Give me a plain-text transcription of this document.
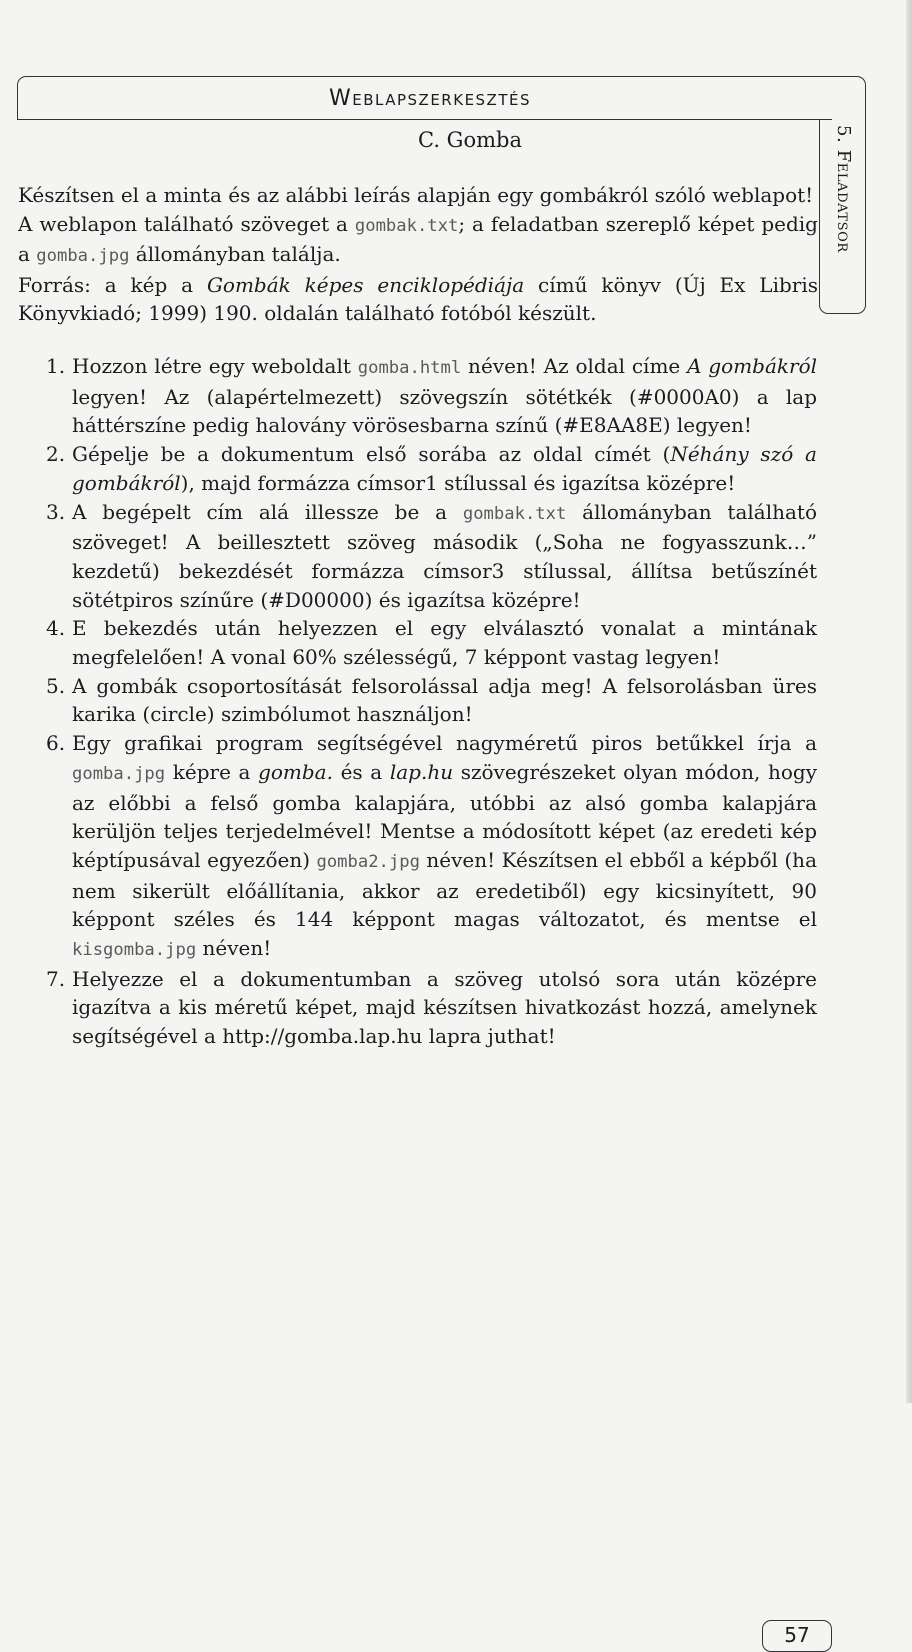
Weblapszerkesztés
C. Gomba	5. Feladatsor

Készítsen el a minta és az alábbi leírás alapján egy gombákról szóló weblapot!
A weblapon található szöveget a gombak.txt; a feladatban szereplő képet pedig a gomba.jpg állományban találja.
Forrás: a kép a Gombák képes enciklopédiája című könyv (Új Ex Libris Könyvkiadó; 1999) 190. oldalán található fotóból készült.

1. Hozzon létre egy weboldalt gomba.html néven! Az oldal címe A gombákról legyen! Az (alapértelmezett) szövegszín sötétkék (#0000A0) a lap háttérszíne pedig halovány vörösesbarna színű (#E8AA8E) legyen!
2. Gépelje be a dokumentum első sorába az oldal címét (Néhány szó a gombákról), majd formázza címsor1 stílussal és igazítsa középre!
3. A begépelt cím alá illessze be a gombak.txt állományban található szöveget! A beillesztett szöveg második („Soha ne fogyasszunk…” kezdetű) bekezdését formázza címsor3 stílussal, állítsa betűszínét sötétpiros színűre (#D00000) és igazítsa középre!
4. E bekezdés után helyezzen el egy elválasztó vonalat a mintának megfelelően! A vonal 60% szélességű, 7 képpont vastag legyen!
5. A gombák csoportosítását felsorolással adja meg! A felsorolásban üres karika (circle) szimbólumot használjon!
6. Egy grafikai program segítségével nagyméretű piros betűkkel írja a gomba.jpg képre a gomba. és a lap.hu szövegrészeket olyan módon, hogy az előbbi a felső gomba kalapjára, utóbbi az alsó gomba kalapjára kerüljön teljes terjedelmével! Mentse a módosított képet (az eredeti kép képtípusával egyezően) gomba2.jpg néven! Készítsen el ebből a képből (ha nem sikerült előállítania, akkor az eredetiből) egy kicsinyített, 90 képpont széles és 144 képpont magas változatot, és mentse el kisgomba.jpg néven!
7. Helyezze el a dokumentumban a szöveg utolsó sora után középre igazítva a kis méretű képet, majd készítsen hivatkozást hozzá, amelynek segítségével a http://gomba.lap.hu lapra juthat!
57
